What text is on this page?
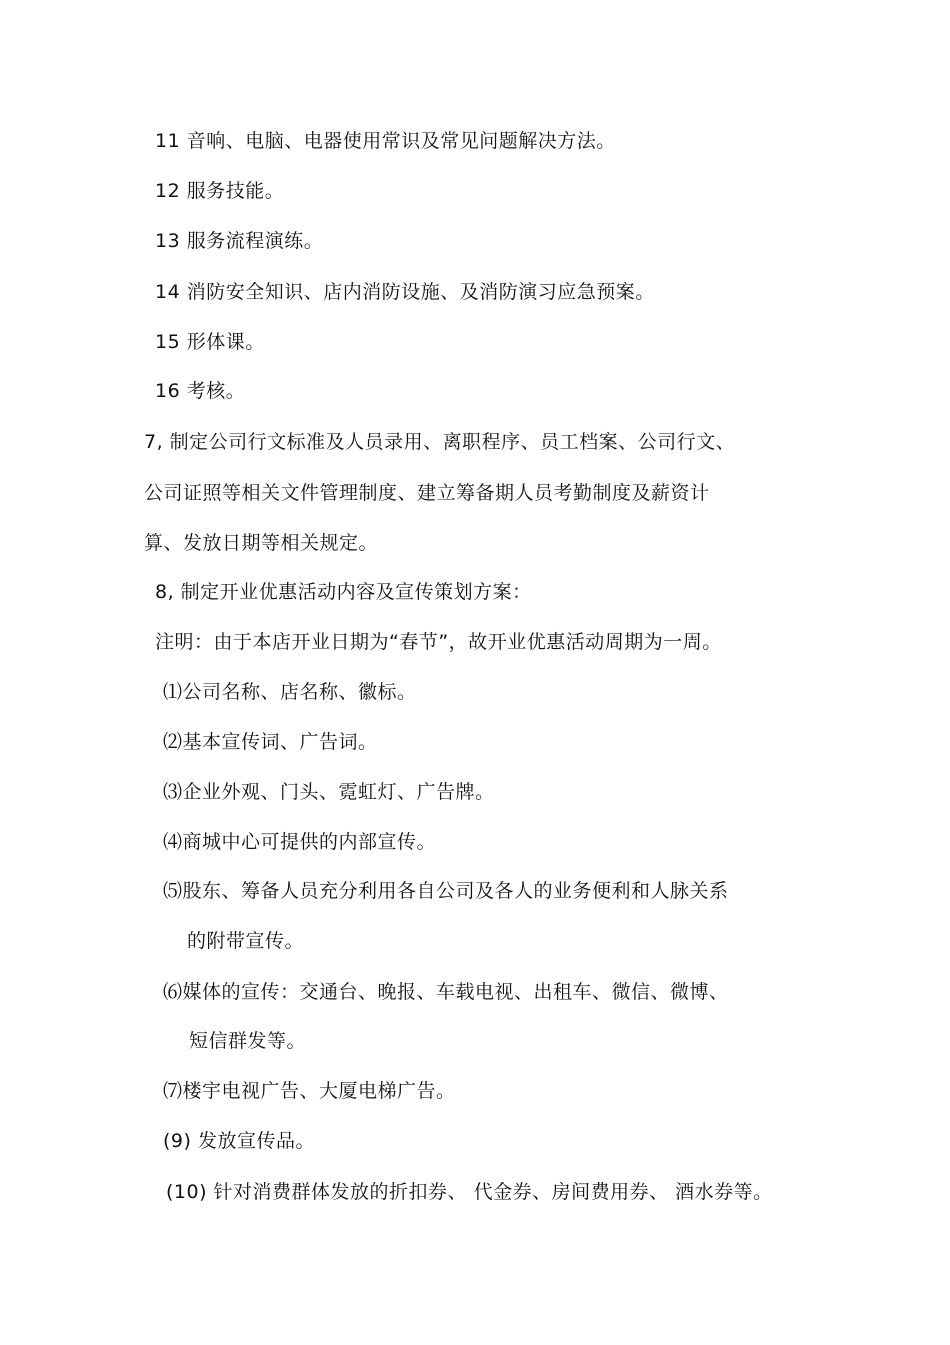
11 音响、电脑、电器使用常识及常见问题解决方法。
12 服务技能。
13 服务流程演练。
14 消防安全知识、店内消防设施、及消防演习应急预案。
15 形体课。
16 考核。
7, 制定公司行文标准及人员录用、离职程序、员工档案、公司行文、
公司证照等相关文件管理制度、建立筹备期人员考勤制度及薪资计
算、发放日期等相关规定。
8, 制定开业优惠活动内容及宣传策划方案：
注明：由于本店开业日期为“春节”，故开业优惠活动周期为一周。
⑴公司名称、店名称、徽标。
⑵基本宣传词、广告词。
⑶企业外观、门头、霓虹灯、广告牌。
⑷商城中心可提供的内部宣传。
⑸股东、筹备人员充分利用各自公司及各人的业务便利和人脉关系
的附带宣传。
⑹媒体的宣传：交通台、晚报、车载电视、出租车、微信、微博、
短信群发等。
⑺楼宇电视广告、大厦电梯广告。
(9) 发放宣传品。
(10) 针对消费群体发放的折扣券、 代金券、房间费用券、 酒水券等。
